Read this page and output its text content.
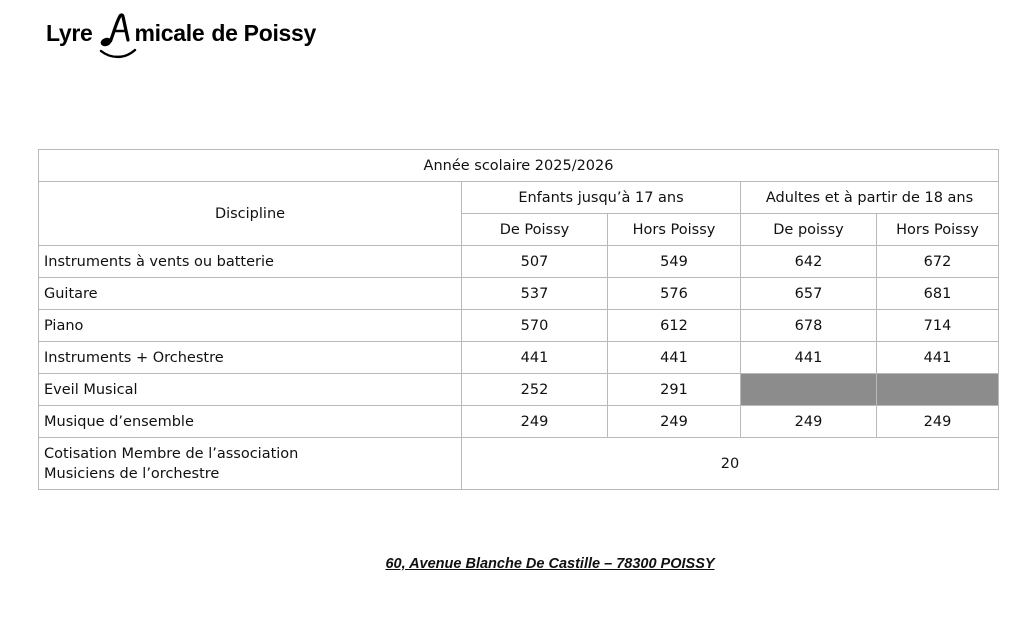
Lyre micale de Poissy
Année scolaire 2025/2026				
Discipline	Enfants jusqu’à 17 ans		Adultes et à partir de 18 ans	
	De Poissy	Hors Poissy	De poissy	Hors Poissy
Instruments à vents ou batterie	507	549	642	672
Guitare	537	576	657	681
Piano	570	612	678	714
Instruments + Orchestre	441	441	441	441
Eveil Musical	252	291		
Musique d’ensemble	249	249	249	249
Cotisation Membre de l’association
Musiciens de l’orchestre	20			
60, Avenue Blanche De Castille – 78300 POISSY
